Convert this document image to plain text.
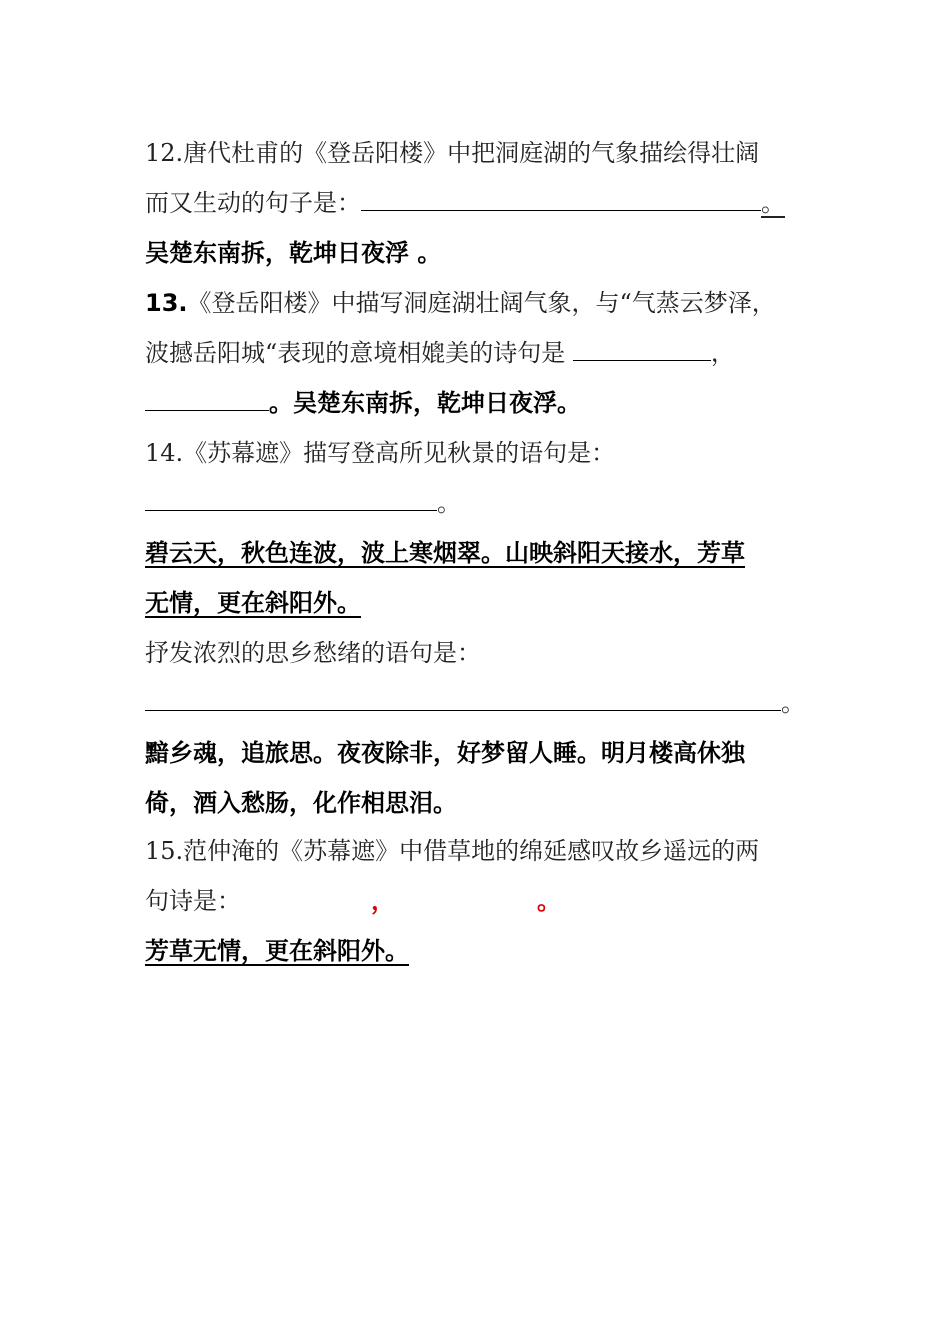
12.唐代杜甫的《登岳阳楼》中把洞庭湖的气象描绘得壮阔
而又生动的句子是：	。
吴楚东南拆，乾坤日夜浮 。
13.《登岳阳楼》中描写洞庭湖壮阔气象，与“气蒸云梦泽，
波撼岳阳城“表现的意境相媲美的诗句是	，
。吴楚东南拆，乾坤日夜浮。
14.《苏幕遮》描写登高所见秋景的语句是：
。
碧云天，秋色连波，波上寒烟翠。山映斜阳天接水，芳草
无情，更在斜阳外。
抒发浓烈的思乡愁绪的语句是：
。
黯乡魂，追旅思。夜夜除非，好梦留人睡。明月楼高休独
倚，酒入愁肠，化作相思泪。
15.范仲淹的《苏幕遮》中借草地的绵延感叹故乡遥远的两
句诗是：	，	。
芳草无情，更在斜阳外。
